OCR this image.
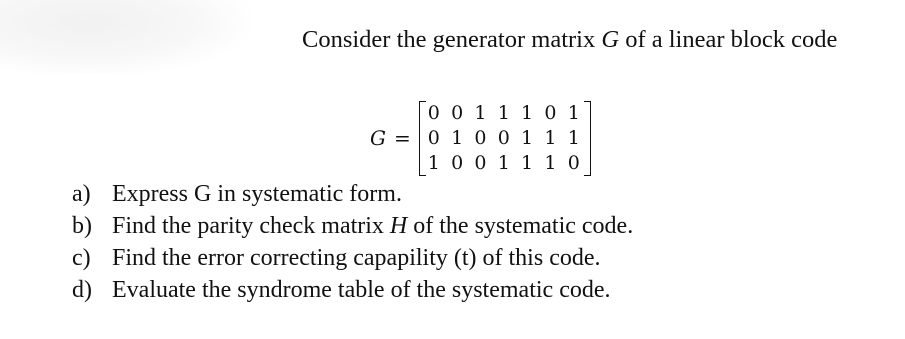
Consider the generator matrix G of a linear block code
G =
0 0 1 1 1 0 1
0 1 0 0 1 1 1
1 0 0 1 1 1 0
a) Express G in systematic form.
b) Find the parity check matrix H of the systematic code.
c) Find the error correcting capapility (t) of this code.
d) Evaluate the syndrome table of the systematic code.
